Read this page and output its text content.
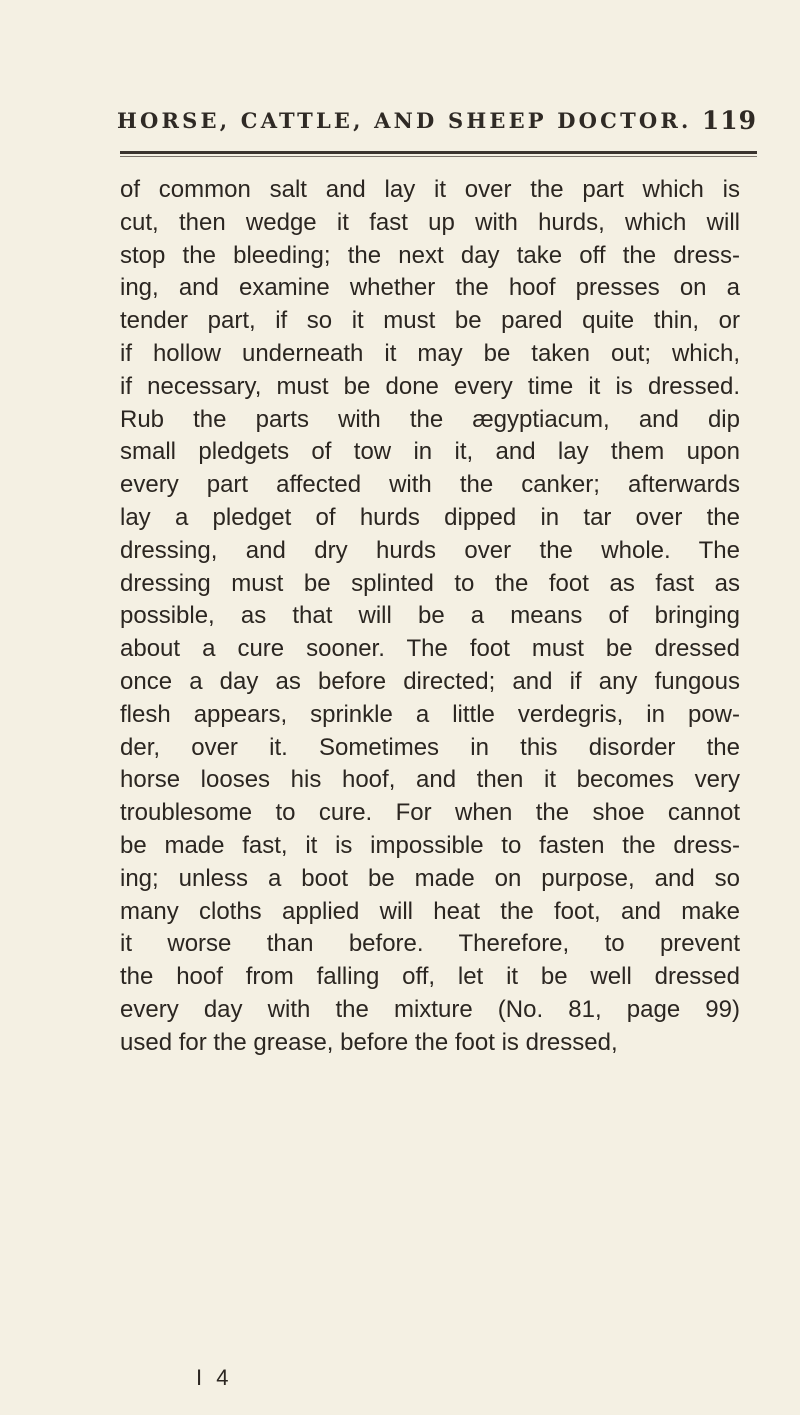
HORSE, CATTLE, AND SHEEP DOCTOR. 119
of common salt and lay it over the part which is
cut, then wedge it fast up with hurds, which will
stop the bleeding; the next day take off the dress-
ing, and examine whether the hoof presses on a
tender part, if so it must be pared quite thin, or
if hollow underneath it may be taken out; which,
if necessary, must be done every time it is dressed.
Rub the parts with the ægyptiacum, and dip
small pledgets of tow in it, and lay them upon
every part affected with the canker; afterwards
lay a pledget of hurds dipped in tar over the
dressing, and dry hurds over the whole. The
dressing must be splinted to the foot as fast as
possible, as that will be a means of bringing
about a cure sooner. The foot must be dressed
once a day as before directed; and if any fungous
flesh appears, sprinkle a little verdegris, in pow-
der, over it. Sometimes in this disorder the
horse looses his hoof, and then it becomes very
troublesome to cure. For when the shoe cannot
be made fast, it is impossible to fasten the dress-
ing; unless a boot be made on purpose, and so
many cloths applied will heat the foot, and make
it worse than before. Therefore, to prevent
the hoof from falling off, let it be well dressed
every day with the mixture (No. 81, page 99)
used for the grease, before the foot is dressed,
I 4
